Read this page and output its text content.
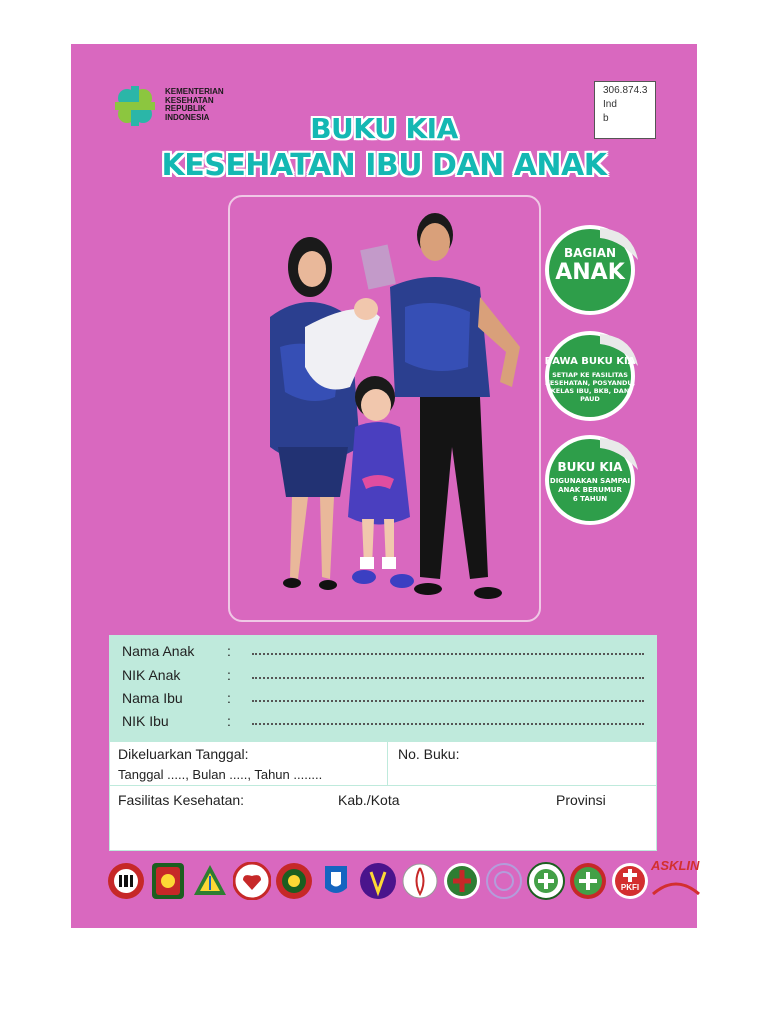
KEMENTERIAN
KESEHATAN
REPUBLIK
INDONESIA
306.874.3
Ind
b
BUKU KIA
KESEHATAN IBU DAN ANAK
BAGIAN
ANAK
BAWA BUKU KIA
SETIAP KE FASILITAS
KESEHATAN, POSYANDU,
KELAS IBU, BKB, DAN
PAUD
BUKU KIA
DIGUNAKAN SAMPAI
ANAK BERUMUR
6 TAHUN
Nama Anak :
NIK Anak	:
Nama Ibu	:
NIK Ibu	:
Dikeluarkan Tanggal:
Tanggal ....., Bulan ....., Tahun ........
No. Buku:
Fasilitas Kesehatan:	Kab./Kota	Provinsi
PKFI
ASKLIN
